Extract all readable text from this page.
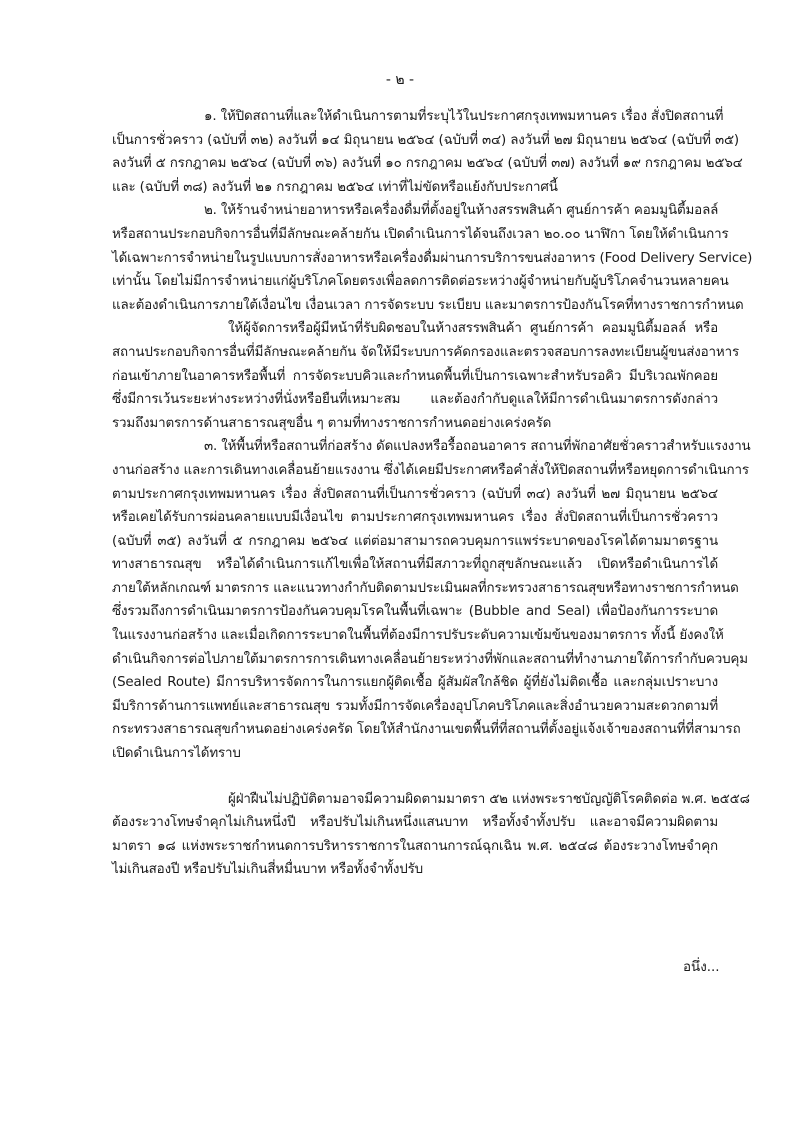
- ๒ -
๑. ให้ปิดสถานที่และให้ดำเนินการตามที่ระบุไว้ในประกาศกรุงเทพมหานคร เรื่อง สั่งปิดสถานที่
เป็นการชั่วคราว (ฉบับที่ ๓๒) ลงวันที่ ๑๔ มิถุนายน ๒๕๖๔ (ฉบับที่ ๓๔) ลงวันที่ ๒๗ มิถุนายน ๒๕๖๔ (ฉบับที่ ๓๕)
ลงวันที่ ๕ กรกฎาคม ๒๕๖๔ (ฉบับที่ ๓๖) ลงวันที่ ๑๐ กรกฎาคม ๒๕๖๔ (ฉบับที่ ๓๗) ลงวันที่ ๑๙ กรกฎาคม ๒๕๖๔
และ (ฉบับที่ ๓๘) ลงวันที่ ๒๑ กรกฎาคม ๒๕๖๔ เท่าที่ไม่ขัดหรือแย้งกับประกาศนี้
๒. ให้ร้านจำหน่ายอาหารหรือเครื่องดื่มที่ตั้งอยู่ในห้างสรรพสินค้า ศูนย์การค้า คอมมูนิตี้มอลล์
หรือสถานประกอบกิจการอื่นที่มีลักษณะคล้ายกัน เปิดดำเนินการได้จนถึงเวลา ๒๐.๐๐ นาฬิกา โดยให้ดำเนินการ
ได้เฉพาะการจำหน่ายในรูปแบบการสั่งอาหารหรือเครื่องดื่มผ่านการบริการขนส่งอาหาร (Food Delivery Service)
เท่านั้น โดยไม่มีการจำหน่ายแก่ผู้บริโภคโดยตรงเพื่อลดการติดต่อระหว่างผู้จำหน่ายกับผู้บริโภคจำนวนหลายคน
และต้องดำเนินการภายใต้เงื่อนไข เงื่อนเวลา การจัดระบบ ระเบียบ และมาตรการป้องกันโรคที่ทางราชการกำหนด
ให้ผู้จัดการหรือผู้มีหน้าที่รับผิดชอบในห้างสรรพสินค้า ศูนย์การค้า คอมมูนิตี้มอลล์ หรือ
สถานประกอบกิจการอื่นที่มีลักษณะคล้ายกัน จัดให้มีระบบการคัดกรองและตรวจสอบการลงทะเบียนผู้ขนส่งอาหาร
ก่อนเข้าภายในอาคารหรือพื้นที่ การจัดระบบคิวและกำหนดพื้นที่เป็นการเฉพาะสำหรับรอคิว มีบริเวณพักคอย
ซึ่งมีการเว้นระยะห่างระหว่างที่นั่งหรือยืนที่เหมาะสม และต้องกำกับดูแลให้มีการดำเนินมาตรการดังกล่าว
รวมถึงมาตรการด้านสาธารณสุขอื่น ๆ ตามที่ทางราชการกำหนดอย่างเคร่งครัด
๓. ให้พื้นที่หรือสถานที่ก่อสร้าง ดัดแปลงหรือรื้อถอนอาคาร สถานที่พักอาศัยชั่วคราวสำหรับแรงงาน
งานก่อสร้าง และการเดินทางเคลื่อนย้ายแรงงาน ซึ่งได้เคยมีประกาศหรือคำสั่งให้ปิดสถานที่หรือหยุดการดำเนินการ
ตามประกาศกรุงเทพมหานคร เรื่อง สั่งปิดสถานที่เป็นการชั่วคราว (ฉบับที่ ๓๔) ลงวันที่ ๒๗ มิถุนายน ๒๕๖๔
หรือเคยได้รับการผ่อนคลายแบบมีเงื่อนไข ตามประกาศกรุงเทพมหานคร เรื่อง สั่งปิดสถานที่เป็นการชั่วคราว
(ฉบับที่ ๓๕) ลงวันที่ ๕ กรกฎาคม ๒๕๖๔ แต่ต่อมาสามารถควบคุมการแพร่ระบาดของโรคได้ตามมาตรฐาน
ทางสาธารณสุข หรือได้ดำเนินการแก้ไขเพื่อให้สถานที่มีสภาวะที่ถูกสุขลักษณะแล้ว เปิดหรือดำเนินการได้
ภายใต้หลักเกณฑ์ มาตรการ และแนวทางกำกับติดตามประเมินผลที่กระทรวงสาธารณสุขหรือทางราชการกำหนด
ซึ่งรวมถึงการดำเนินมาตรการป้องกันควบคุมโรคในพื้นที่เฉพาะ (Bubble and Seal) เพื่อป้องกันการระบาด
ในแรงงานก่อสร้าง และเมื่อเกิดการระบาดในพื้นที่ต้องมีการปรับระดับความเข้มข้นของมาตรการ ทั้งนี้ ยังคงให้
ดำเนินกิจการต่อไปภายใต้มาตรการการเดินทางเคลื่อนย้ายระหว่างที่พักและสถานที่ทำงานภายใต้การกำกับควบคุม
(Sealed Route) มีการบริหารจัดการในการแยกผู้ติดเชื้อ ผู้สัมผัสใกล้ชิด ผู้ที่ยังไม่ติดเชื้อ และกลุ่มเปราะบาง
มีบริการด้านการแพทย์และสาธารณสุข รวมทั้งมีการจัดเครื่องอุปโภคบริโภคและสิ่งอำนวยความสะดวกตามที่
กระทรวงสาธารณสุขกำหนดอย่างเคร่งครัด โดยให้สำนักงานเขตพื้นที่ที่สถานที่ตั้งอยู่แจ้งเจ้าของสถานที่ที่สามารถ
เปิดดำเนินการได้ทราบ
ผู้ฝ่าฝืนไม่ปฏิบัติตามอาจมีความผิดตามมาตรา ๕๒ แห่งพระราชบัญญัติโรคติดต่อ พ.ศ. ๒๕๕๘
ต้องระวางโทษจำคุกไม่เกินหนึ่งปี หรือปรับไม่เกินหนึ่งแสนบาท หรือทั้งจำทั้งปรับ และอาจมีความผิดตาม
มาตรา ๑๘ แห่งพระราชกำหนดการบริหารราชการในสถานการณ์ฉุกเฉิน พ.ศ. ๒๕๔๘ ต้องระวางโทษจำคุก
ไม่เกินสองปี หรือปรับไม่เกินสี่หมื่นบาท หรือทั้งจำทั้งปรับ
อนึ่ง...
